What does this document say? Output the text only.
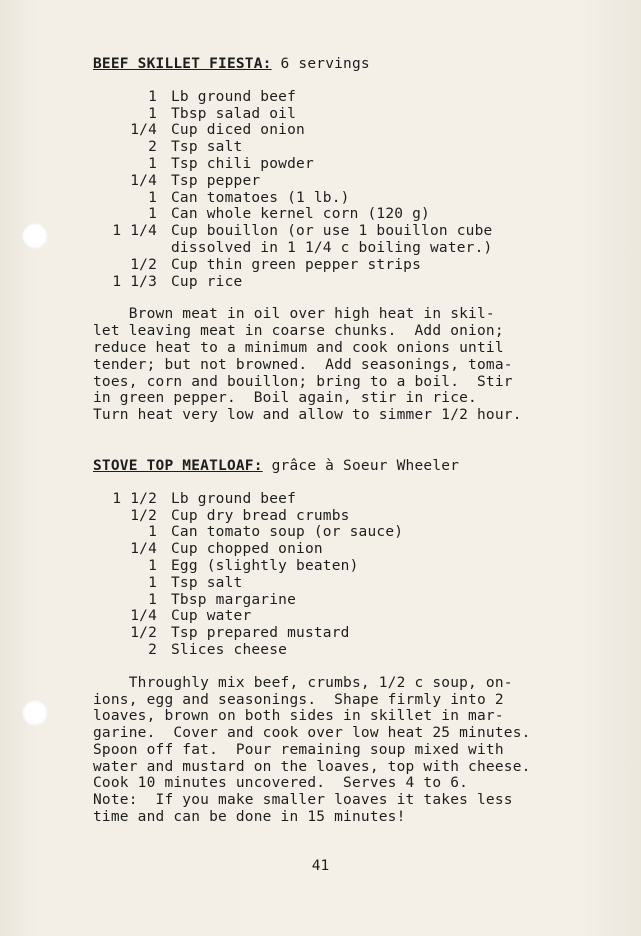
BEEF SKILLET FIESTA: 6 servings

1 Lb ground beef
1 Tbsp salad oil
1/4 Cup diced onion
2 Tsp salt
1 Tsp chili powder
1/4 Tsp pepper
1 Can tomatoes (1 lb.)
1 Can whole kernel corn (120 g)
1 1/4 Cup bouillon (or use 1 bouillon cube
dissolved in 1 1/4 c boiling water.)
1/2 Cup thin green pepper strips
1 1/3 Cup rice

Brown meat in oil over high heat in skil-
let leaving meat in coarse chunks.  Add onion;
reduce heat to a minimum and cook onions until
tender; but not browned.  Add seasonings, toma-
toes, corn and bouillon; bring to a boil.  Stir
in green pepper.  Boil again, stir in rice.
Turn heat very low and allow to simmer 1/2 hour.

STOVE TOP MEATLOAF: grâce à Soeur Wheeler

1 1/2 Lb ground beef
1/2 Cup dry bread crumbs
1 Can tomato soup (or sauce)
1/4 Cup chopped onion
1 Egg (slightly beaten)
1 Tsp salt
1 Tbsp margarine
1/4 Cup water
1/2 Tsp prepared mustard
2 Slices cheese

Throughly mix beef, crumbs, 1/2 c soup, on-
ions, egg and seasonings.  Shape firmly into 2
loaves, brown on both sides in skillet in mar-
garine.  Cover and cook over low heat 25 minutes.
Spoon off fat.  Pour remaining soup mixed with
water and mustard on the loaves, top with cheese.
Cook 10 minutes uncovered.  Serves 4 to 6.
Note:  If you make smaller loaves it takes less
time and can be done in 15 minutes!

41
